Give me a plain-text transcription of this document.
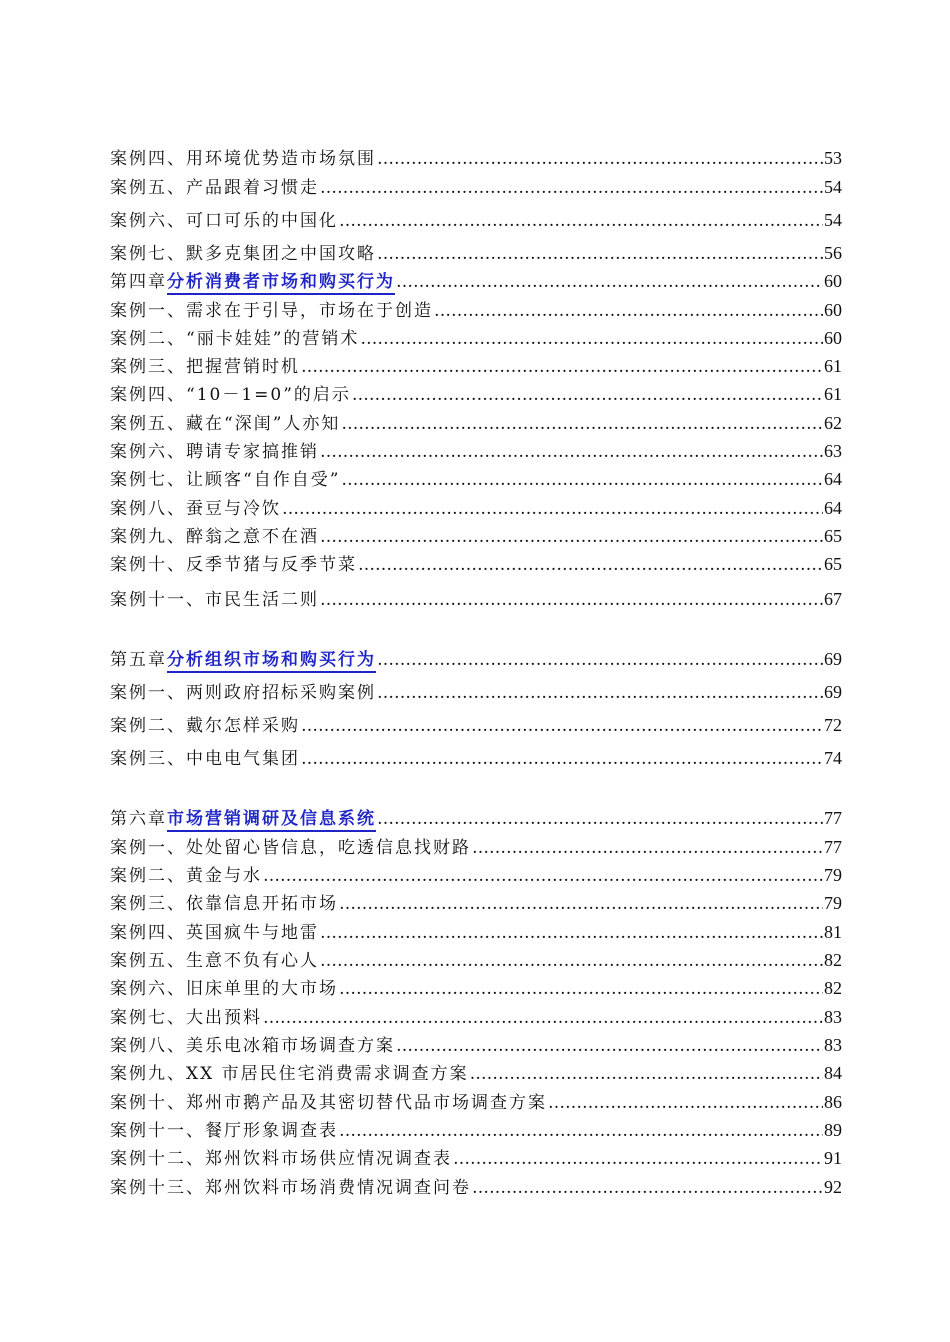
案例四、用环境优势造市场氛围 ……………………………………………………………………………………………………………………………………………………………………	53
案例五、产品跟着习惯走 ……………………………………………………………………………………………………………………………………………………………………	54
案例六、可口可乐的中国化 ……………………………………………………………………………………………………………………………………………………………………	54
案例七、默多克集团之中国攻略 ……………………………………………………………………………………………………………………………………………………………………	56
第四章分析消费者市场和购买行为 ……………………………………………………………………………………………………………………………………………………………………	60
案例一、需求在于引导，市场在于创造 ……………………………………………………………………………………………………………………………………………………………………	60
案例二、“丽卡娃娃”的营销术 ……………………………………………………………………………………………………………………………………………………………………	60
案例三、把握营销时机 ……………………………………………………………………………………………………………………………………………………………………	61
案例四、“10－1=0”的启示 ……………………………………………………………………………………………………………………………………………………………………	61
案例五、藏在“深闺”人亦知 ……………………………………………………………………………………………………………………………………………………………………	62
案例六、聘请专家搞推销 ……………………………………………………………………………………………………………………………………………………………………	63
案例七、让顾客“自作自受” ……………………………………………………………………………………………………………………………………………………………………	64
案例八、蚕豆与冷饮 ……………………………………………………………………………………………………………………………………………………………………	64
案例九、醉翁之意不在酒 ……………………………………………………………………………………………………………………………………………………………………	65
案例十、反季节猪与反季节菜 ……………………………………………………………………………………………………………………………………………………………………	65
案例十一、市民生活二则 ……………………………………………………………………………………………………………………………………………………………………	67
第五章分析组织市场和购买行为 ……………………………………………………………………………………………………………………………………………………………………	69
案例一、两则政府招标采购案例 ……………………………………………………………………………………………………………………………………………………………………	69
案例二、戴尔怎样采购 ……………………………………………………………………………………………………………………………………………………………………	72
案例三、中电电气集团 ……………………………………………………………………………………………………………………………………………………………………	74
第六章市场营销调研及信息系统 ……………………………………………………………………………………………………………………………………………………………………	77
案例一、处处留心皆信息，吃透信息找财路 ……………………………………………………………………………………………………………………………………………………………………	77
案例二、黄金与水 ……………………………………………………………………………………………………………………………………………………………………	79
案例三、依靠信息开拓市场 ……………………………………………………………………………………………………………………………………………………………………	79
案例四、英国疯牛与地雷 ……………………………………………………………………………………………………………………………………………………………………	81
案例五、生意不负有心人 ……………………………………………………………………………………………………………………………………………………………………	82
案例六、旧床单里的大市场 ……………………………………………………………………………………………………………………………………………………………………	82
案例七、大出预料 ……………………………………………………………………………………………………………………………………………………………………	83
案例八、美乐电冰箱市场调查方案 ……………………………………………………………………………………………………………………………………………………………………	83
案例九、XX 市居民住宅消费需求调查方案 ……………………………………………………………………………………………………………………………………………………………………	84
案例十、郑州市鹅产品及其密切替代品市场调查方案 ……………………………………………………………………………………………………………………………………………………………………	86
案例十一、餐厅形象调查表 ……………………………………………………………………………………………………………………………………………………………………	89
案例十二、郑州饮料市场供应情况调查表 ……………………………………………………………………………………………………………………………………………………………………	91
案例十三、郑州饮料市场消费情况调查问卷 ……………………………………………………………………………………………………………………………………………………………………	92
